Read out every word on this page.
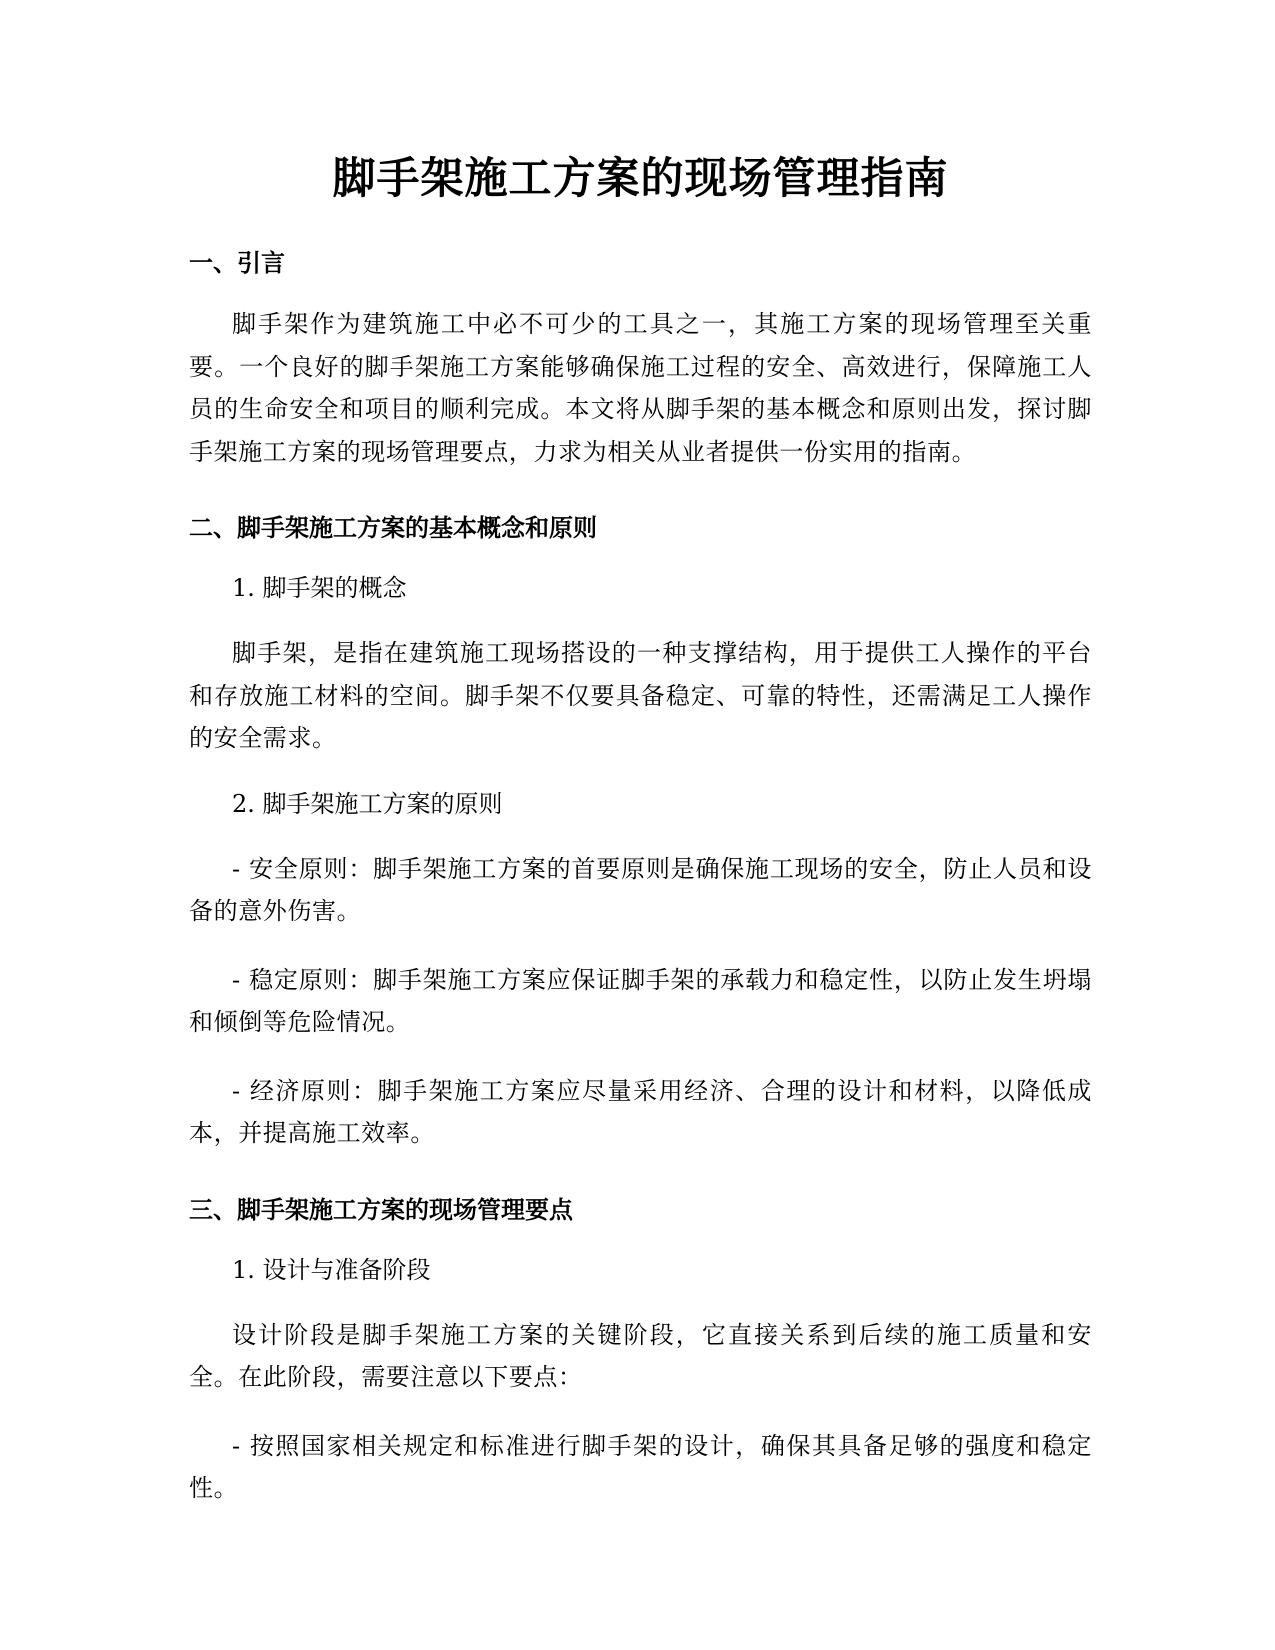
脚手架施工方案的现场管理指南
一、引言

脚手架作为建筑施工中必不可少的工具之一，其施工方案的现场管理至关重要。一个良好的脚手架施工方案能够确保施工过程的安全、高效进行，保障施工人员的生命安全和项目的顺利完成。本文将从脚手架的基本概念和原则出发，探讨脚手架施工方案的现场管理要点，力求为相关从业者提供一份实用的指南。

二、脚手架施工方案的基本概念和原则

1. 脚手架的概念

脚手架，是指在建筑施工现场搭设的一种支撑结构，用于提供工人操作的平台和存放施工材料的空间。脚手架不仅要具备稳定、可靠的特性，还需满足工人操作的安全需求。

2. 脚手架施工方案的原则

- 安全原则：脚手架施工方案的首要原则是确保施工现场的安全，防止人员和设备的意外伤害。

- 稳定原则：脚手架施工方案应保证脚手架的承载力和稳定性，以防止发生坍塌和倾倒等危险情况。

- 经济原则：脚手架施工方案应尽量采用经济、合理的设计和材料，以降低成本，并提高施工效率。

三、脚手架施工方案的现场管理要点

1. 设计与准备阶段

设计阶段是脚手架施工方案的关键阶段，它直接关系到后续的施工质量和安全。在此阶段，需要注意以下要点：

- 按照国家相关规定和标准进行脚手架的设计，确保其具备足够的强度和稳定性。
